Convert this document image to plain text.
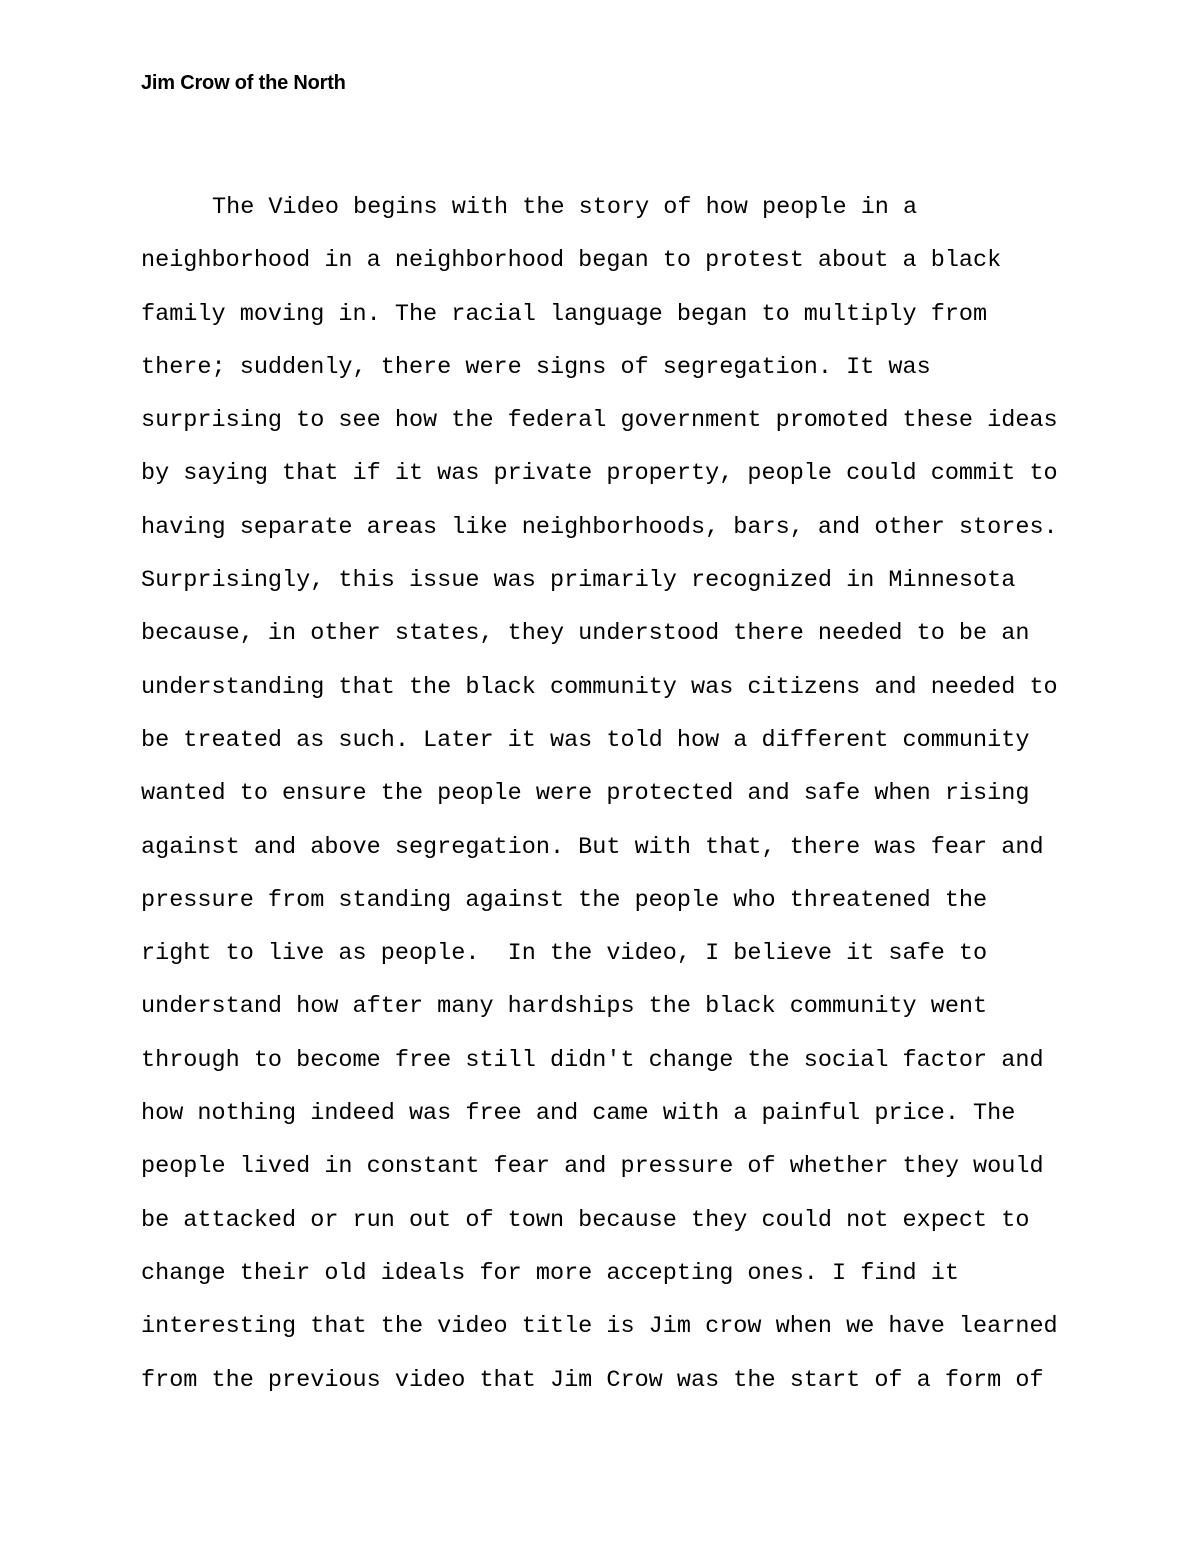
Jim Crow of the North
The Video begins with the story of how people in a
neighborhood in a neighborhood began to protest about a black
family moving in. The racial language began to multiply from
there; suddenly, there were signs of segregation. It was
surprising to see how the federal government promoted these ideas
by saying that if it was private property, people could commit to
having separate areas like neighborhoods, bars, and other stores.
Surprisingly, this issue was primarily recognized in Minnesota
because, in other states, they understood there needed to be an
understanding that the black community was citizens and needed to
be treated as such. Later it was told how a different community
wanted to ensure the people were protected and safe when rising
against and above segregation. But with that, there was fear and
pressure from standing against the people who threatened the
right to live as people.  In the video, I believe it safe to
understand how after many hardships the black community went
through to become free still didn't change the social factor and
how nothing indeed was free and came with a painful price. The
people lived in constant fear and pressure of whether they would
be attacked or run out of town because they could not expect to
change their old ideals for more accepting ones. I find it
interesting that the video title is Jim crow when we have learned
from the previous video that Jim Crow was the start of a form of
